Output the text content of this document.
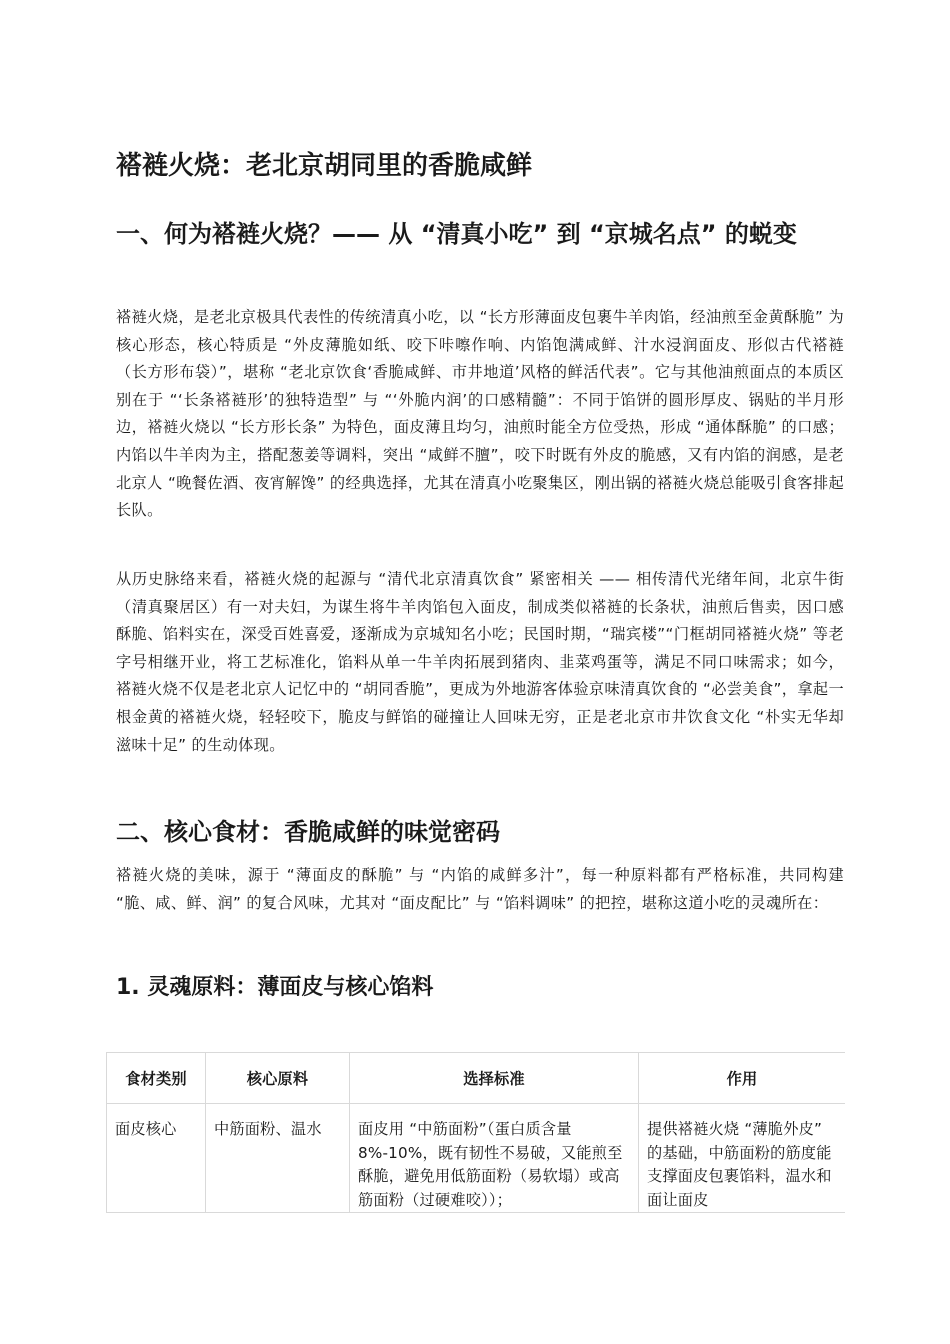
褡裢火烧：老北京胡同里的香脆咸鲜
一、何为褡裢火烧？—— 从 “清真小吃” 到 “京城名点” 的蜕变

褡裢火烧，是老北京极具代表性的传统清真小吃，以 “长方形薄面皮包裹牛羊肉馅，经油煎至金黄酥脆” 为核心形态，核心特质是 “外皮薄脆如纸、咬下咔嚓作响、内馅饱满咸鲜、汁水浸润面皮、形似古代褡裢（长方形布袋）”，堪称 “老北京饮食‘香脆咸鲜、市井地道’风格的鲜活代表”。它与其他油煎面点的本质区别在于 “‘长条褡裢形’的独特造型” 与 “‘外脆内润’的口感精髓”：不同于馅饼的圆形厚皮、锅贴的半月形边，褡裢火烧以 “长方形长条” 为特色，面皮薄且均匀，油煎时能全方位受热，形成 “通体酥脆” 的口感；内馅以牛羊肉为主，搭配葱姜等调料，突出 “咸鲜不膻”，咬下时既有外皮的脆感，又有内馅的润感，是老北京人 “晚餐佐酒、夜宵解馋” 的经典选择，尤其在清真小吃聚集区，刚出锅的褡裢火烧总能吸引食客排起长队。

从历史脉络来看，褡裢火烧的起源与 “清代北京清真饮食” 紧密相关 —— 相传清代光绪年间，北京牛街（清真聚居区）有一对夫妇，为谋生将牛羊肉馅包入面皮，制成类似褡裢的长条状，油煎后售卖，因口感酥脆、馅料实在，深受百姓喜爱，逐渐成为京城知名小吃；民国时期，“瑞宾楼”“门框胡同褡裢火烧” 等老字号相继开业，将工艺标准化，馅料从单一牛羊肉拓展到猪肉、韭菜鸡蛋等，满足不同口味需求；如今，褡裢火烧不仅是老北京人记忆中的 “胡同香脆”，更成为外地游客体验京味清真饮食的 “必尝美食”，拿起一根金黄的褡裢火烧，轻轻咬下，脆皮与鲜馅的碰撞让人回味无穷，正是老北京市井饮食文化 “朴实无华却滋味十足” 的生动体现。

二、核心食材：香脆咸鲜的味觉密码

褡裢火烧的美味，源于 “薄面皮的酥脆” 与 “内馅的咸鲜多汁”，每一种原料都有严格标准，共同构建 “脆、咸、鲜、润” 的复合风味，尤其对 “面皮配比” 与 “馅料调味” 的把控，堪称这道小吃的灵魂所在：

1. 灵魂原料：薄面皮与核心馅料
食材类别	核心原料	选择标准	作用
面皮核心	中筋面粉、温水	面皮用 “中筋面粉”（蛋白质含量 8%-10%，既有韧性不易破，又能煎至酥脆，避免用低筋面粉（易软塌）或高筋面粉（过硬难咬））；	提供褡裢火烧 “薄脆外皮” 的基础，中筋面粉的筋度能支撑面皮包裹馅料，温水和面让面皮
